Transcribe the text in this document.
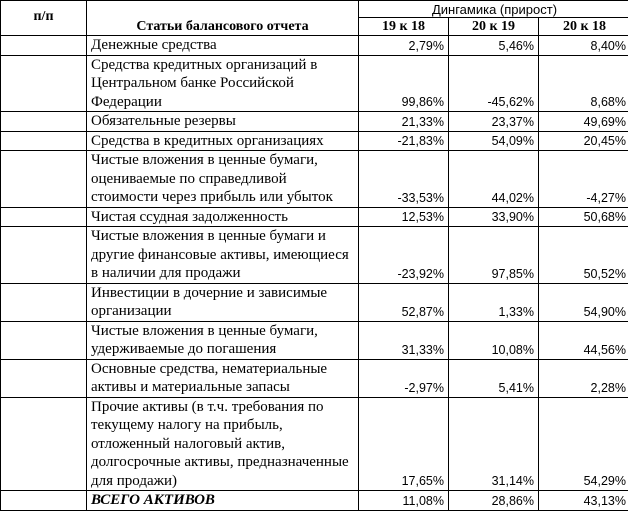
п/п	Статьи балансового отчета	Дингамика (прирост)		
		19 к 18	20 к 19	20 к 18
	Денежные средства	2,79%	5,46%	8,40%
	Средства кредитных организаций в Центральном банке Российской Федерации	99,86%	-45,62%	8,68%
	Обязательные резервы	21,33%	23,37%	49,69%
	Средства в кредитных организациях	-21,83%	54,09%	20,45%
	Чистые вложения в ценные бумаги, оцениваемые по справедливой стоимости через прибыль или убыток	-33,53%	44,02%	-4,27%
	Чистая ссудная задолженность	12,53%	33,90%	50,68%
	Чистые вложения в ценные бумаги и другие финансовые активы, имеющиеся в наличии для продажи	-23,92%	97,85%	50,52%
	Инвестиции в дочерние и зависимые организации	52,87%	1,33%	54,90%
	Чистые вложения в ценные бумаги, удерживаемые до погашения	31,33%	10,08%	44,56%
	Основные средства, нематериальные активы и материальные запасы	-2,97%	5,41%	2,28%
	Прочие активы (в т.ч. требования по текущему налогу на прибыль, отложенный налоговый актив, долгосрочные активы, предназначенные для продажи)	17,65%	31,14%	54,29%
	ВСЕГО АКТИВОВ	11,08%	28,86%	43,13%
